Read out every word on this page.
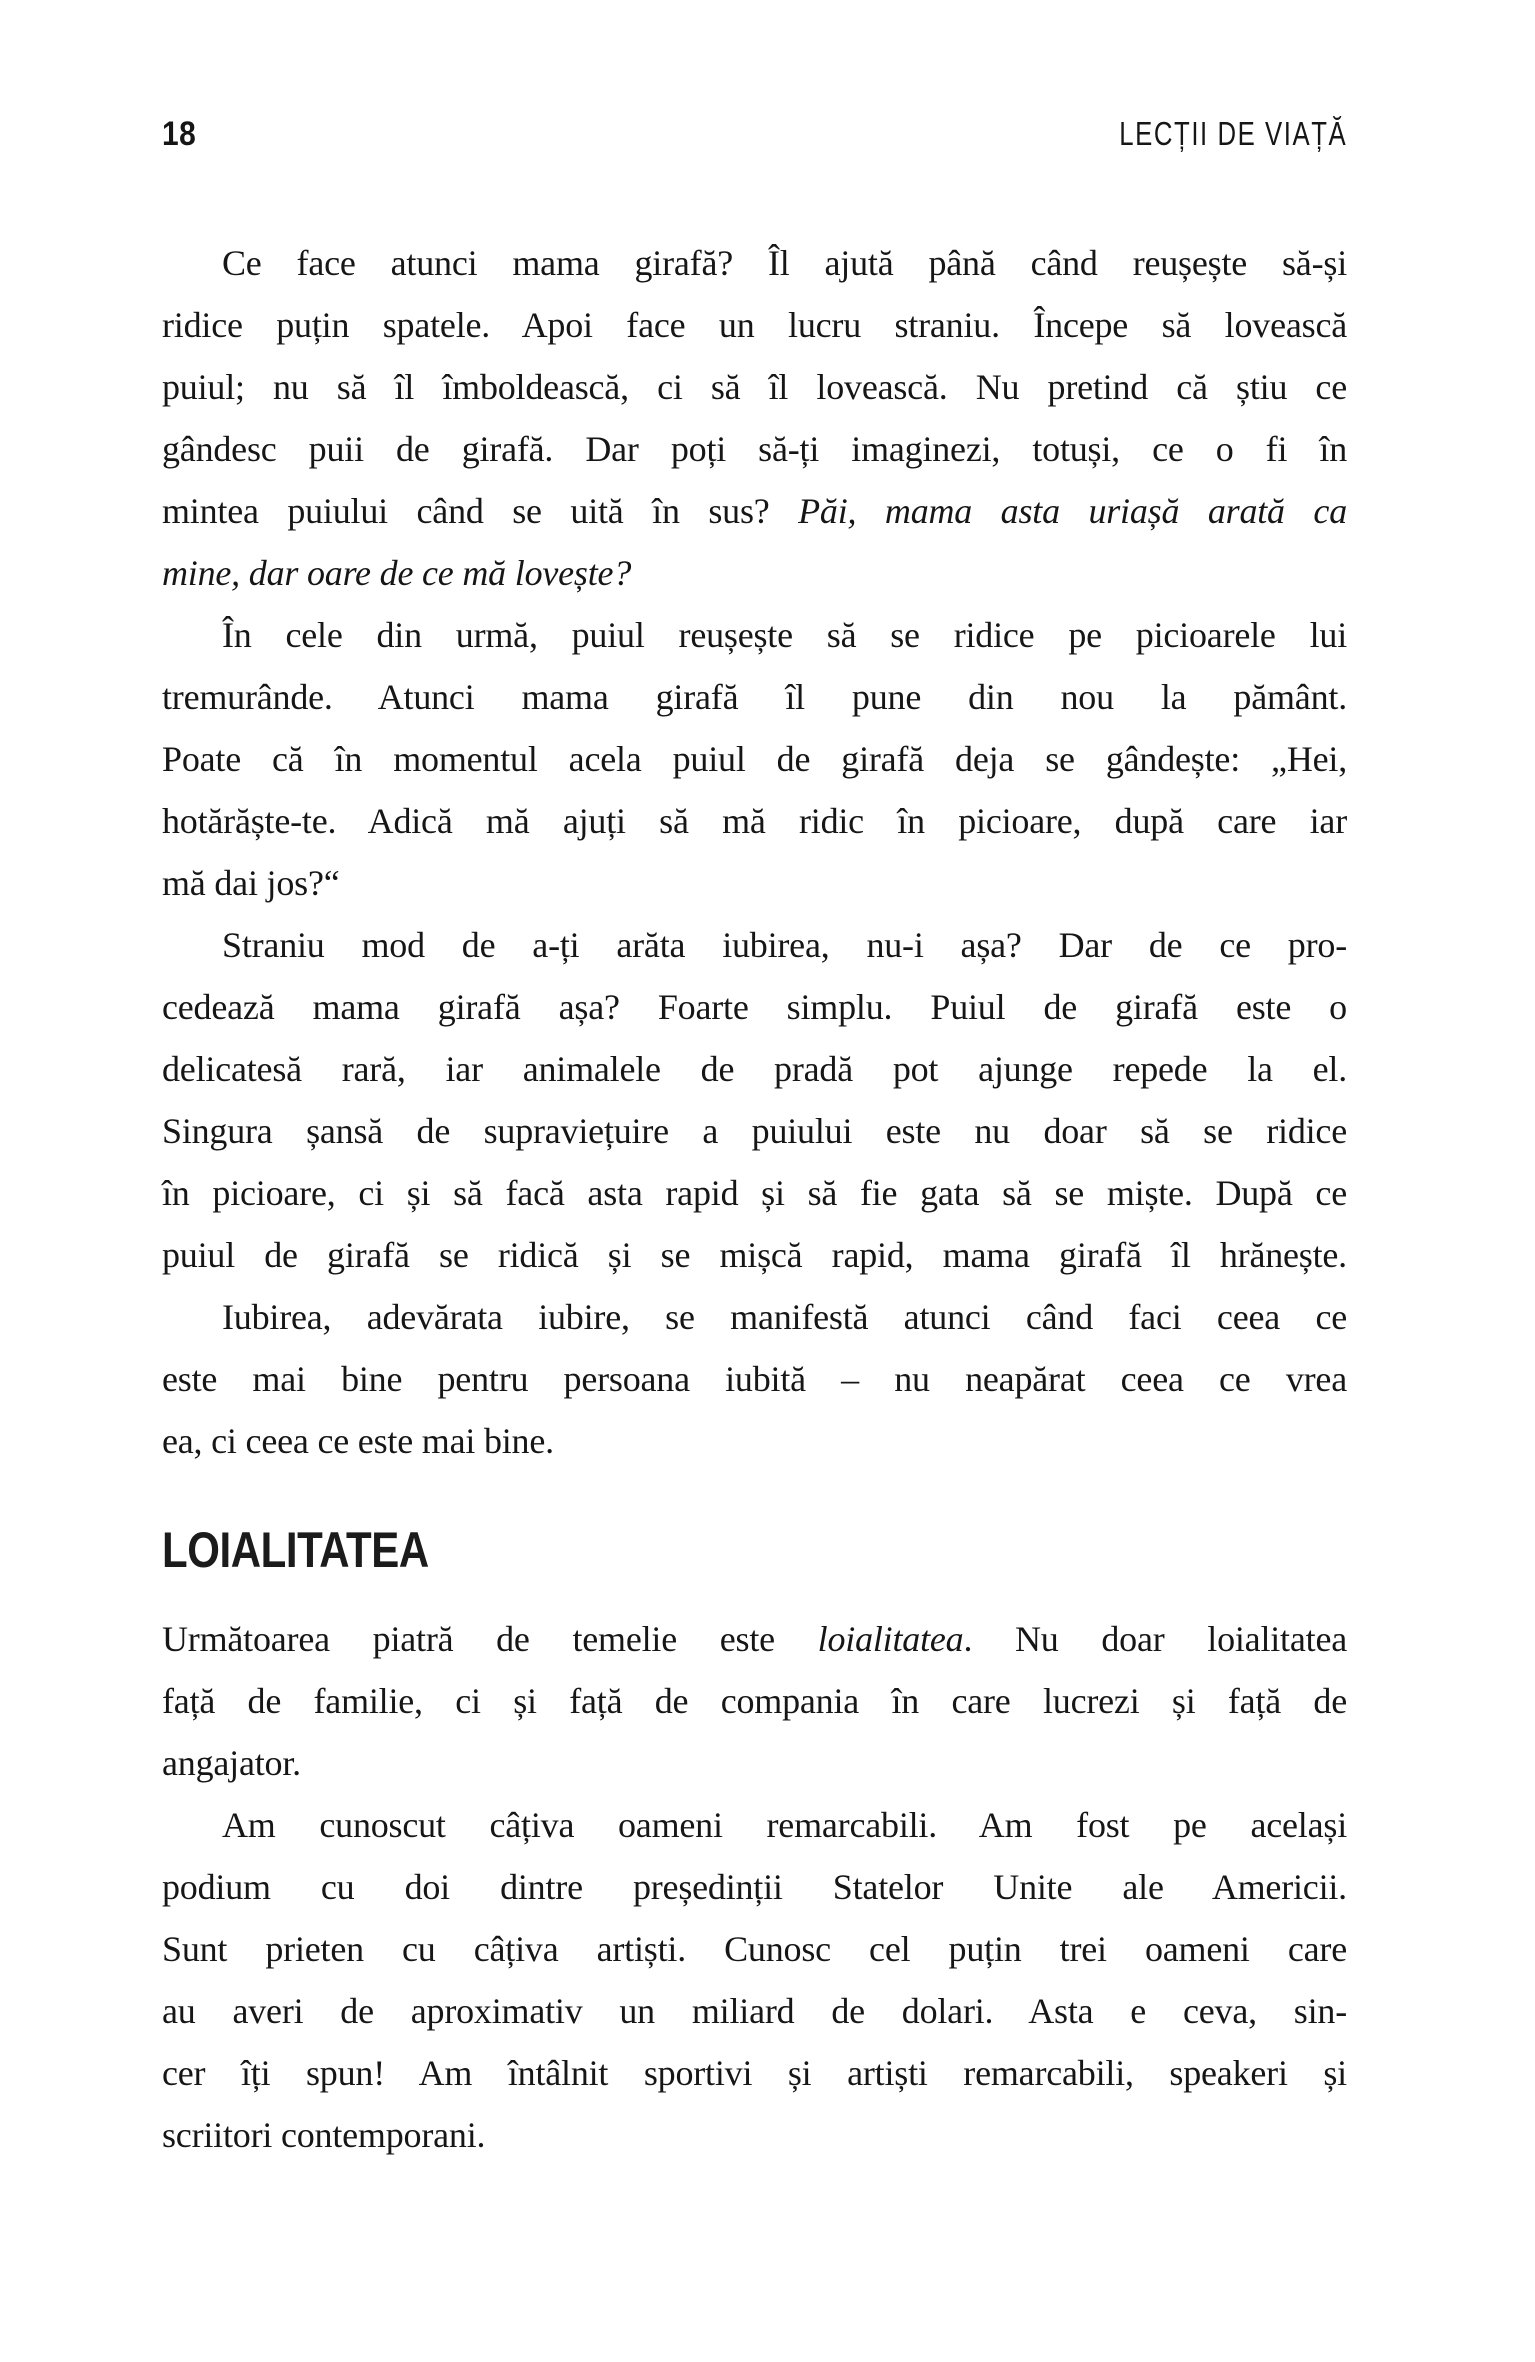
18	LECȚII DE VIAȚĂ
Ce face atunci mama girafă? Îl ajută până când reușește să-și
ridice puțin spatele. Apoi face un lucru straniu. Începe să lovească
puiul; nu să îl îmboldească, ci să îl lovească. Nu pretind că știu ce
gândesc puii de girafă. Dar poți să-ți imaginezi, totuși, ce o fi în
mintea puiului când se uită în sus? Păi, mama asta uriașă arată ca
mine, dar oare de ce mă lovește?
În cele din urmă, puiul reușește să se ridice pe picioarele lui
tremurânde. Atunci mama girafă îl pune din nou la pământ.
Poate că în momentul acela puiul de girafă deja se gândește: „Hei,
hotărăște-te. Adică mă ajuți să mă ridic în picioare, după care iar
mă dai jos?“
Straniu mod de a-ți arăta iubirea, nu-i așa? Dar de ce pro-
cedează mama girafă așa? Foarte simplu. Puiul de girafă este o
delicatesă rară, iar animalele de pradă pot ajunge repede la el.
Singura șansă de supraviețuire a puiului este nu doar să se ridice
în picioare, ci și să facă asta rapid și să fie gata să se miște. După ce
puiul de girafă se ridică și se mișcă rapid, mama girafă îl hrănește.
Iubirea, adevărata iubire, se manifestă atunci când faci ceea ce
este mai bine pentru persoana iubită – nu neapărat ceea ce vrea
ea, ci ceea ce este mai bine.
LOIALITATEA
Următoarea piatră de temelie este loialitatea. Nu doar loialitatea
față de familie, ci și față de compania în care lucrezi și față de
angajator.
Am cunoscut câțiva oameni remarcabili. Am fost pe același
podium cu doi dintre președinții Statelor Unite ale Americii.
Sunt prieten cu câțiva artiști. Cunosc cel puțin trei oameni care
au averi de aproximativ un miliard de dolari. Asta e ceva, sin-
cer îți spun! Am întâlnit sportivi și artiști remarcabili, speakeri și
scriitori contemporani.
